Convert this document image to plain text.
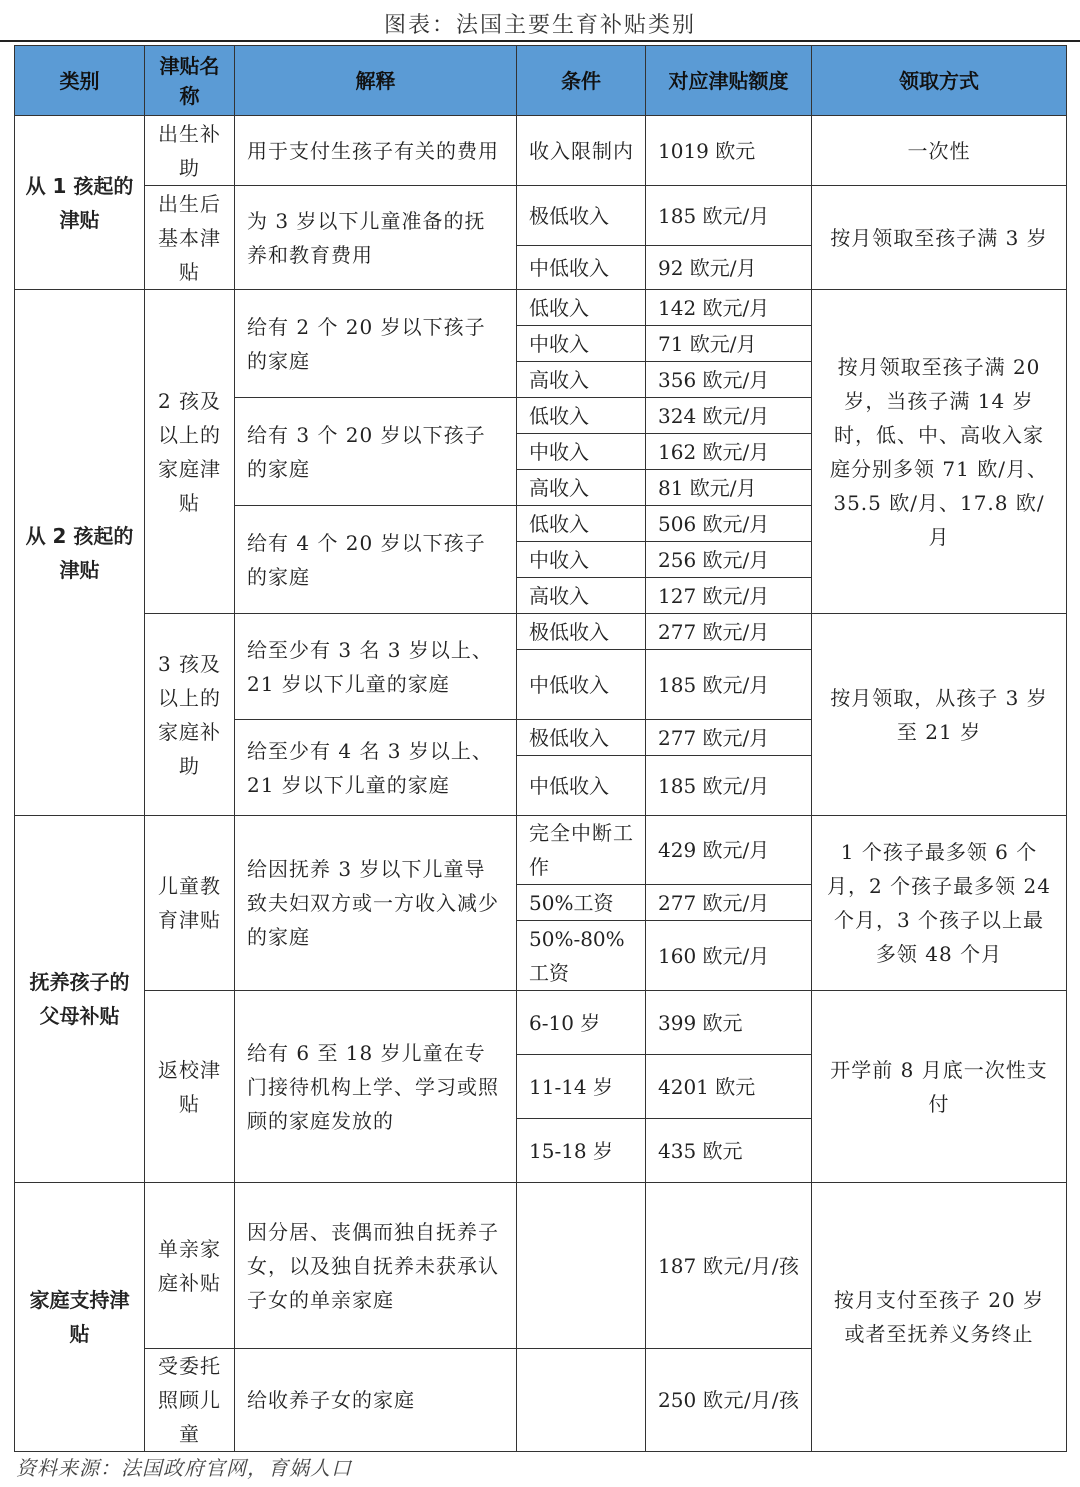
图表：法国主要生育补贴类别
类别	津贴名称	解释	条件	对应津贴额度	领取方式
从 1 孩起的津贴	出生补助	用于支付生孩子有关的费用	收入限制内	1019 欧元	一次性
	出生后基本津贴	为 3 岁以下儿童准备的抚养和教育费用	极低收入	185 欧元/月	按月领取至孩子满 3 岁
			中低收入	92 欧元/月	
从 2 孩起的津贴	2 孩及以上的家庭津贴	给有 2 个 20 岁以下孩子的家庭	低收入	142 欧元/月	按月领取至孩子满 20 岁，当孩子满 14 岁时，低、中、高收入家庭分别多领 71 欧/月、35.5 欧/月、17.8 欧/月
			中收入	71 欧元/月	
			高收入	356 欧元/月	
		给有 3 个 20 岁以下孩子的家庭	低收入	324 欧元/月	
			中收入	162 欧元/月	
			高收入	81 欧元/月	
		给有 4 个 20 岁以下孩子的家庭	低收入	506 欧元/月	
			中收入	256 欧元/月	
			高收入	127 欧元/月	
	3 孩及以上的家庭补助	给至少有 3 名 3 岁以上、21 岁以下儿童的家庭	极低收入	277 欧元/月	按月领取，从孩子 3 岁至 21 岁
			中低收入	185 欧元/月	
		给至少有 4 名 3 岁以上、21 岁以下儿童的家庭	极低收入	277 欧元/月	
			中低收入	185 欧元/月	
抚养孩子的父母补贴	儿童教育津贴	给因抚养 3 岁以下儿童导致夫妇双方或一方收入减少的家庭	完全中断工作	429 欧元/月	1 个孩子最多领 6 个月，2 个孩子最多领 24 个月，3 个孩子以上最多领 48 个月
			50%工资	277 欧元/月	
			50%-80% 工资	160 欧元/月	
	返校津贴	给有 6 至 18 岁儿童在专门接待机构上学、学习或照顾的家庭发放的	6-10 岁	399 欧元	开学前 8 月底一次性支付
			11-14 岁	4201 欧元	
			15-18 岁	435 欧元	
家庭支持津贴	单亲家庭补贴	因分居、丧偶而独自抚养子女，以及独自抚养未获承认子女的单亲家庭		187 欧元/月/孩	按月支付至孩子 20 岁或者至抚养义务终止
	受委托照顾儿童	给收养子女的家庭		250 欧元/月/孩	
资料来源：法国政府官网，育娲人口
